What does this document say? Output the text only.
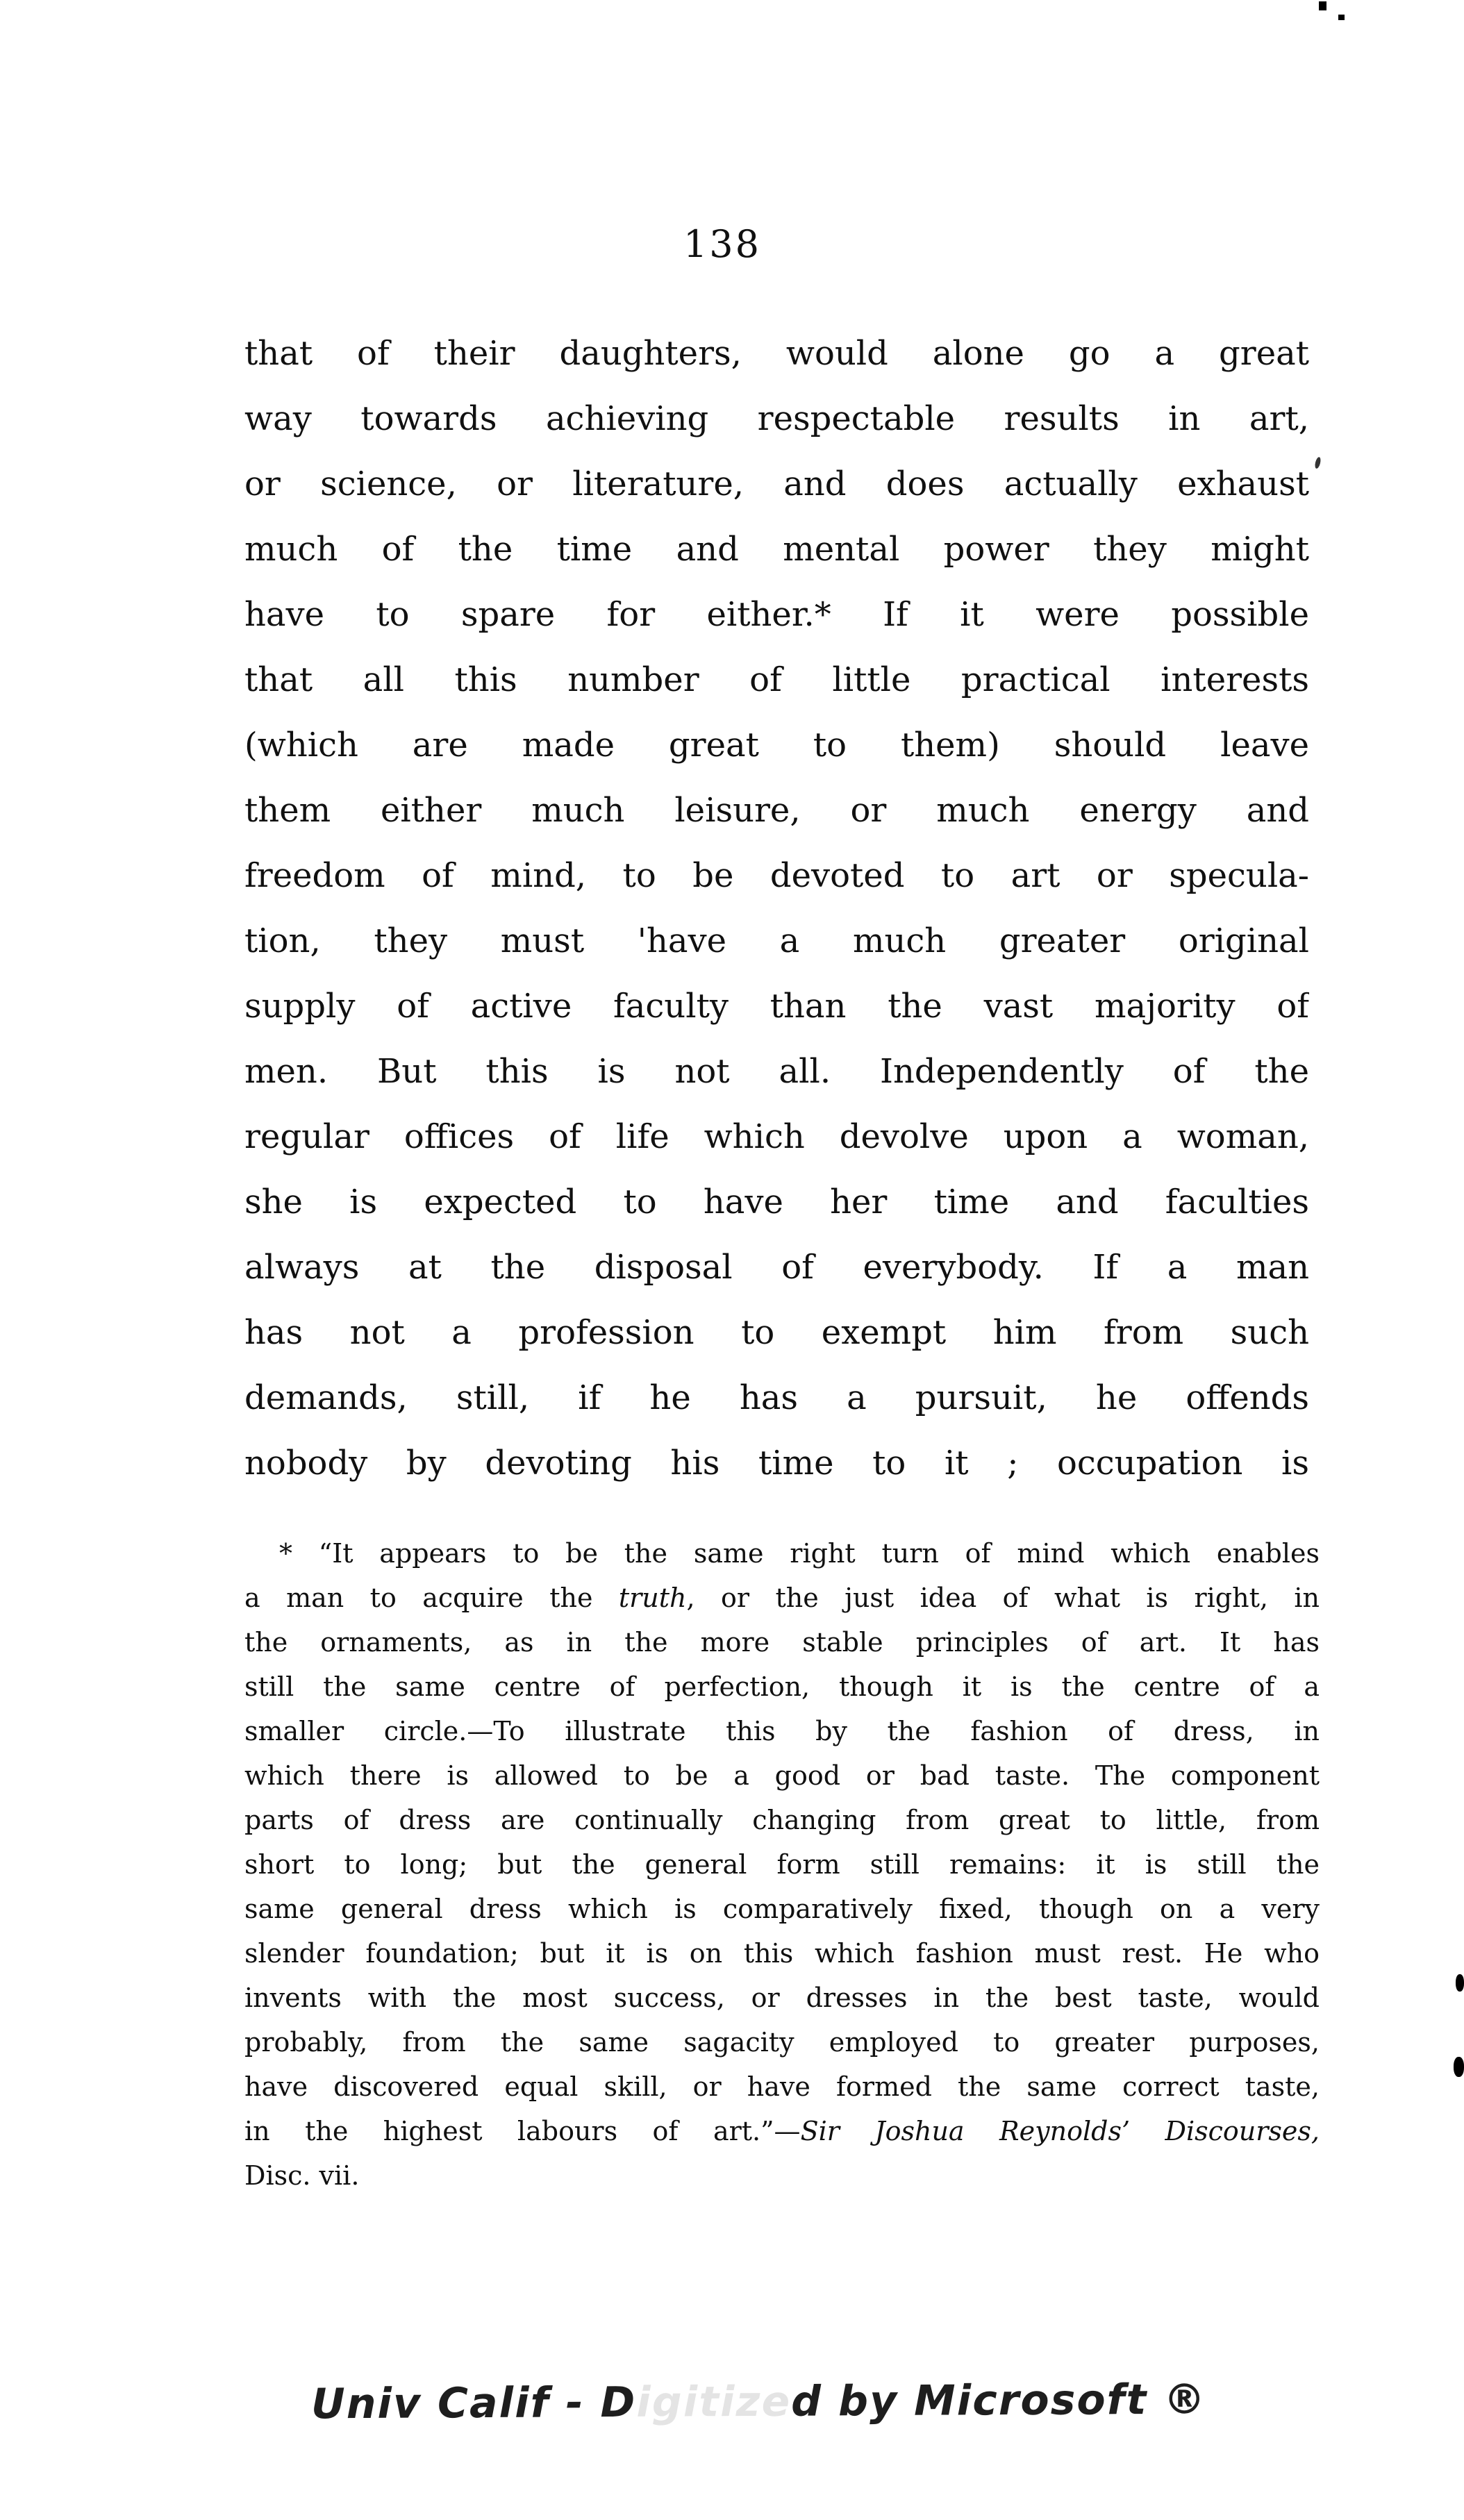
138
that of their daughters, would alone go a great
way towards achieving respectable results in art,
or science, or literature, and does actually exhaust
much of the time and mental power they might
have to spare for either.* If it were possible
that all this number of little practical interests
(which are made great to them) should leave
them either much leisure, or much energy and
freedom of mind, to be devoted to art or specula-
tion, they must 'have a much greater original
supply of active faculty than the vast majority of
men. But this is not all. Independently of the
regular offices of life which devolve upon a woman,
she is expected to have her time and faculties
always at the disposal of everybody. If a man
has not a profession to exempt him from such
demands, still, if he has a pursuit, he offends
nobody by devoting his time to it ; occupation is
* “It appears to be the same right turn of mind which enables
a man to acquire the truth, or the just idea of what is right, in
the ornaments, as in the more stable principles of art. It has
still the same centre of perfection, though it is the centre of a
smaller circle.—To illustrate this by the fashion of dress, in
which there is allowed to be a good or bad taste. The component
parts of dress are continually changing from great to little, from
short to long; but the general form still remains: it is still the
same general dress which is comparatively fixed, though on a very
slender foundation; but it is on this which fashion must rest. He who
invents with the most success, or dresses in the best taste, would
probably, from the same sagacity employed to greater purposes,
have discovered equal skill, or have formed the same correct taste,
in the highest labours of art.”—Sir Joshua Reynolds’ Discourses,
Disc. vii.
Univ Calif - Digitized by Microsoft ®
